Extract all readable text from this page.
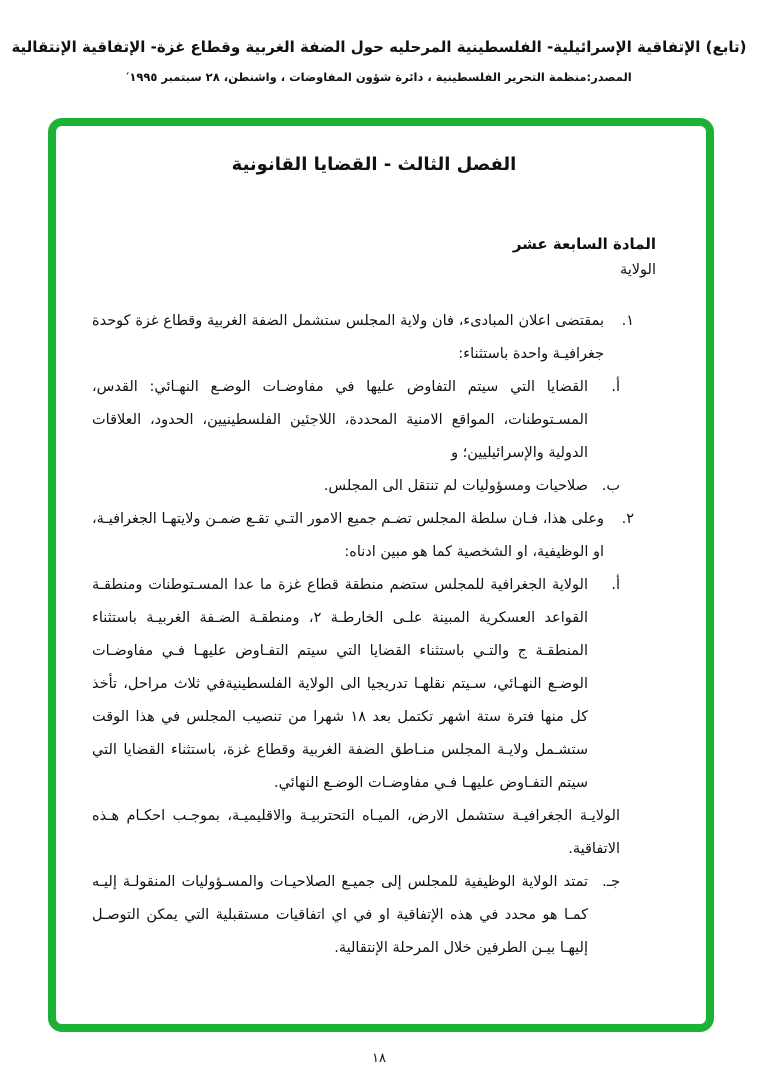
(تابع) الإتفاقية الإسرائيلية- الفلسطينية المرحليه حول الضفة الغربية وقطاع غزة- الإتفاقية الإنتقالية
المصدر:منظمة التحرير الفلسطينية ، دائرة شؤون المفاوضات ، واشنطن، ٢٨ سبتمبر ١٩٩٥′
الفصل الثالث - القضايا القانونية
المادة السابعة عشر
الولاية
١.
بمقتضى اعلان المبادىء، فان ولاية المجلس ستشمل الضفة الغربية وقطاع غزة كوحدة جغرافيـة واحدة باستثناء:
أ.
القضايا التي سيتم التفاوض عليها في مفاوضـات الوضـع النهـائي: القدس، المسـتوطنات، المواقع الامنية المحددة، اللاجئين الفلسطينيين، الحدود، العلاقات الدولية والإسرائيليين؛ و
ب.
صلاحيات ومسؤوليات لم تنتقل الى المجلس.
٢.
وعلى هذا، فـان سلطة المجلس تضـم جميع الامور التـي تقـع ضمـن ولايتهـا الجغرافيـة، او الوظيفية، او الشخصية كما هو مبين ادناه:
أ.
الولاية الجغرافية للمجلس ستضم منطقة قطاع غزة ما عدا المسـتوطنات ومنطقـة القواعد العسكرية المبينة علـى الخارطـة ٢، ومنطقـة الضـفة الغربيـة باستثناء المنطقـة ج والتـي باستثناء القضايا التي سيتم التفـاوض عليهـا فـي مفاوضـات الوضـع النهـائي، سـيتم نقلهـا تدريجيا الى الولاية الفلسطينيةفي ثلاث مراحل، تأخذ كل منها فترة ستة اشهر تكتمل بعد ١٨ شهرا من تنصيب المجلس في هذا الوقت ستشـمل ولايـة المجلس منـاطق الضفة الغربية وقطاع غزة، باستثناء القضايا التي سيتم التفـاوض عليهـا فـي مفاوضـات الوضـع النهائي.
الولايـة الجغرافيـة ستشمل الارض، الميـاه التحتربيـة والاقليميـة، بموجـب احكـام هـذه الاتفاقية.
جـ.
تمتد الولاية الوظيفية للمجلس إلى جميـع الصلاحيـات والمسـؤوليات المنقولـة إليـه كمـا هو محدد في هذه الإتفاقية او في اي اتفاقيات مستقبلية التي يمكن التوصـل إليهـا بيـن الطرفين خلال المرحلة الإنتقالية.
١٨
